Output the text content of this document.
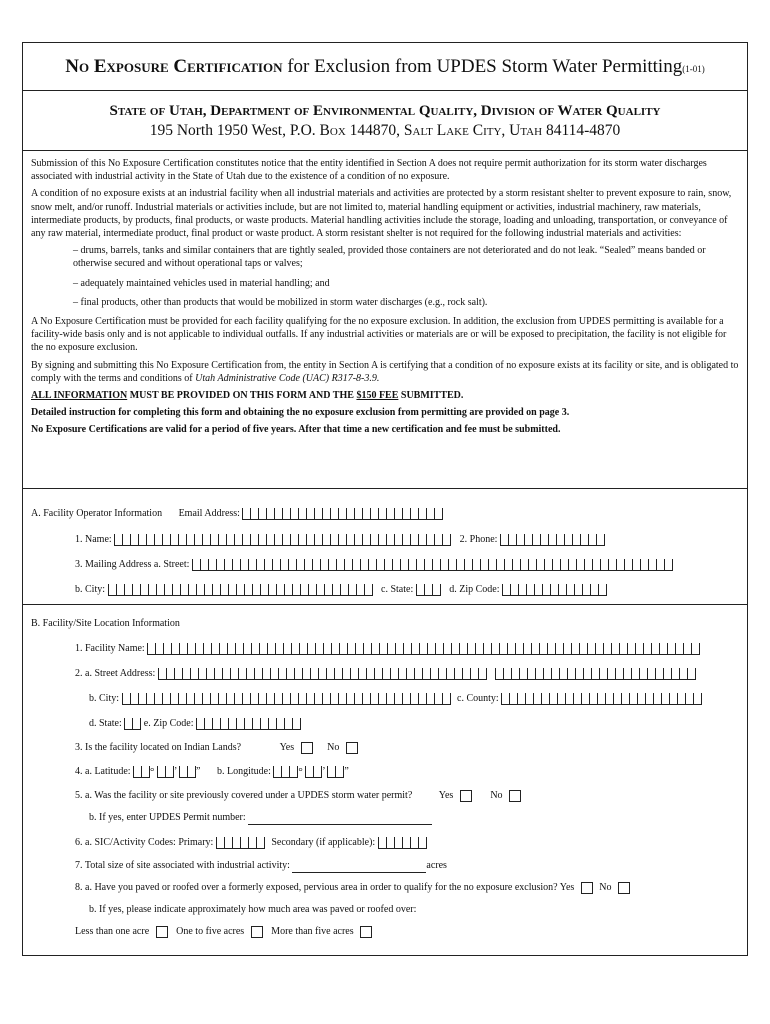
No Exposure Certification for Exclusion from UPDES Storm Water Permitting(1-01)
State of Utah, Department of Environmental Quality, Division of Water Quality
195 North 1950 West, P.O. Box 144870, Salt Lake City, Utah 84114-4870

Submission of this No Exposure Certification constitutes notice that the entity identified in Section A does not require permit authorization for its storm water discharges associated with industrial activity in the State of Utah due to the existence of a condition of no exposure.

A condition of no exposure exists at an industrial facility when all industrial materials and activities are protected by a storm resistant shelter to prevent exposure to rain, snow, snow melt, and/or runoff. Industrial materials or activities include, but are not limited to, material handling equipment or activities, industrial machinery, raw materials, intermediate products, by products, final products, or waste products. Material handling activities include the storage, loading and unloading, transportation, or conveyance of any raw material, intermediate product, final product or waste product. A storm resistant shelter is not required for the following industrial materials and activities:

– drums, barrels, tanks and similar containers that are tightly sealed, provided those containers are not deteriorated and do not leak. “Sealed” means banded or otherwise secured and without operational taps or valves;
– adequately maintained vehicles used in material handling; and
– final products, other than products that would be mobilized in storm water discharges (e.g., rock salt).

A No Exposure Certification must be provided for each facility qualifying for the no exposure exclusion. In addition, the exclusion from UPDES permitting is available for a facility-wide basis only and is not applicable to individual outfalls. If any industrial activities or materials are or will be exposed to precipitation, the facility is not eligible for the no exposure exclusion.

By signing and submitting this No Exposure Certification from, the entity in Section A is certifying that a condition of no exposure exists at its facility or site, and is obligated to comply with the terms and conditions of Utah Administrative Code (UAC) R317-8-3.9.

ALL INFORMATION MUST BE PROVIDED ON THIS FORM AND THE $150 FEE SUBMITTED.

Detailed instruction for completing this form and obtaining the no exposure exclusion from permitting are provided on page 3.

No Exposure Certifications are valid for a period of five years. After that time a new certification and fee must be submitted.

A. Facility Operator Information Email Address:
1. Name:	2. Phone:
3. Mailing Address a. Street:
b. City:	c. State:	d. Zip Code:
B. Facility/Site Location Information
1. Facility Name:
2. a. Street Address:
b. City:	c. County:
d. State: e. Zip Code:
3. Is the facility located on Indian Lands?	Yes	No
4. a. Latitude: ° ’ ” b. Longitude:	° ’ ”
5. a. Was the facility or site previously covered under a UPDES storm water permit?	Yes	No
b. If yes, enter UPDES Permit number:
6. a. SIC/Activity Codes: Primary:	Secondary (if applicable):
7. Total size of site associated with industrial activity:	acres
8. a. Have you paved or roofed over a formerly exposed, pervious area in order to qualify for the no exposure exclusion? Yes	No
b. If yes, please indicate approximately how much area was paved or roofed over:
Less than one acre	One to five acres	More than five acres
